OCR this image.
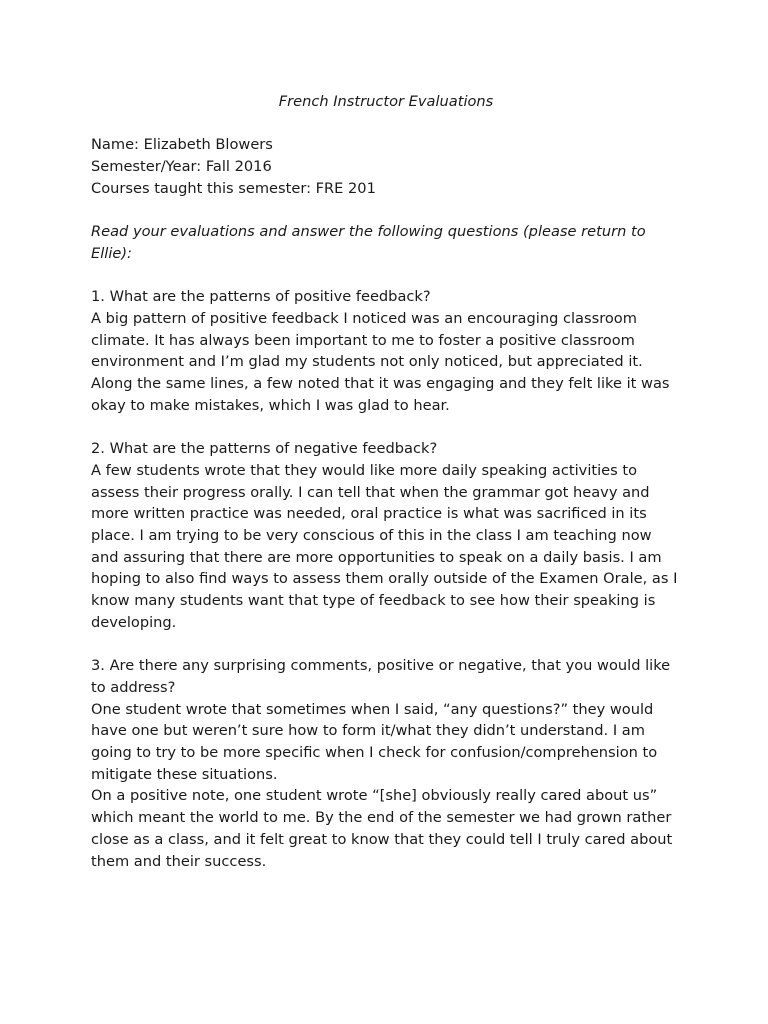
French Instructor Evaluations

Name: Elizabeth Blowers

Semester/Year: Fall 2016

Courses taught this semester: FRE 201

Read your evaluations and answer the following questions (please return to Ellie):

1. What are the patterns of positive feedback?

A big pattern of positive feedback I noticed was an encouraging classroom climate. It has always been important to me to foster a positive classroom environment and I’m glad my students not only noticed, but appreciated it. Along the same lines, a few noted that it was engaging and they felt like it was okay to make mistakes, which I was glad to hear.

2. What are the patterns of negative feedback?

A few students wrote that they would like more daily speaking activities to assess their progress orally. I can tell that when the grammar got heavy and more written practice was needed, oral practice is what was sacrificed in its place. I am trying to be very conscious of this in the class I am teaching now and assuring that there are more opportunities to speak on a daily basis. I am hoping to also find ways to assess them orally outside of the Examen Orale, as I know many students want that type of feedback to see how their speaking is developing.

3. Are there any surprising comments, positive or negative, that you would like to address?

One student wrote that sometimes when I said, “any questions?” they would have one but weren’t sure how to form it/what they didn’t understand. I am going to try to be more specific when I check for confusion/comprehension to mitigate these situations.

On a positive note, one student wrote “[she] obviously really cared about us” which meant the world to me. By the end of the semester we had grown rather close as a class, and it felt great to know that they could tell I truly cared about them and their success.
